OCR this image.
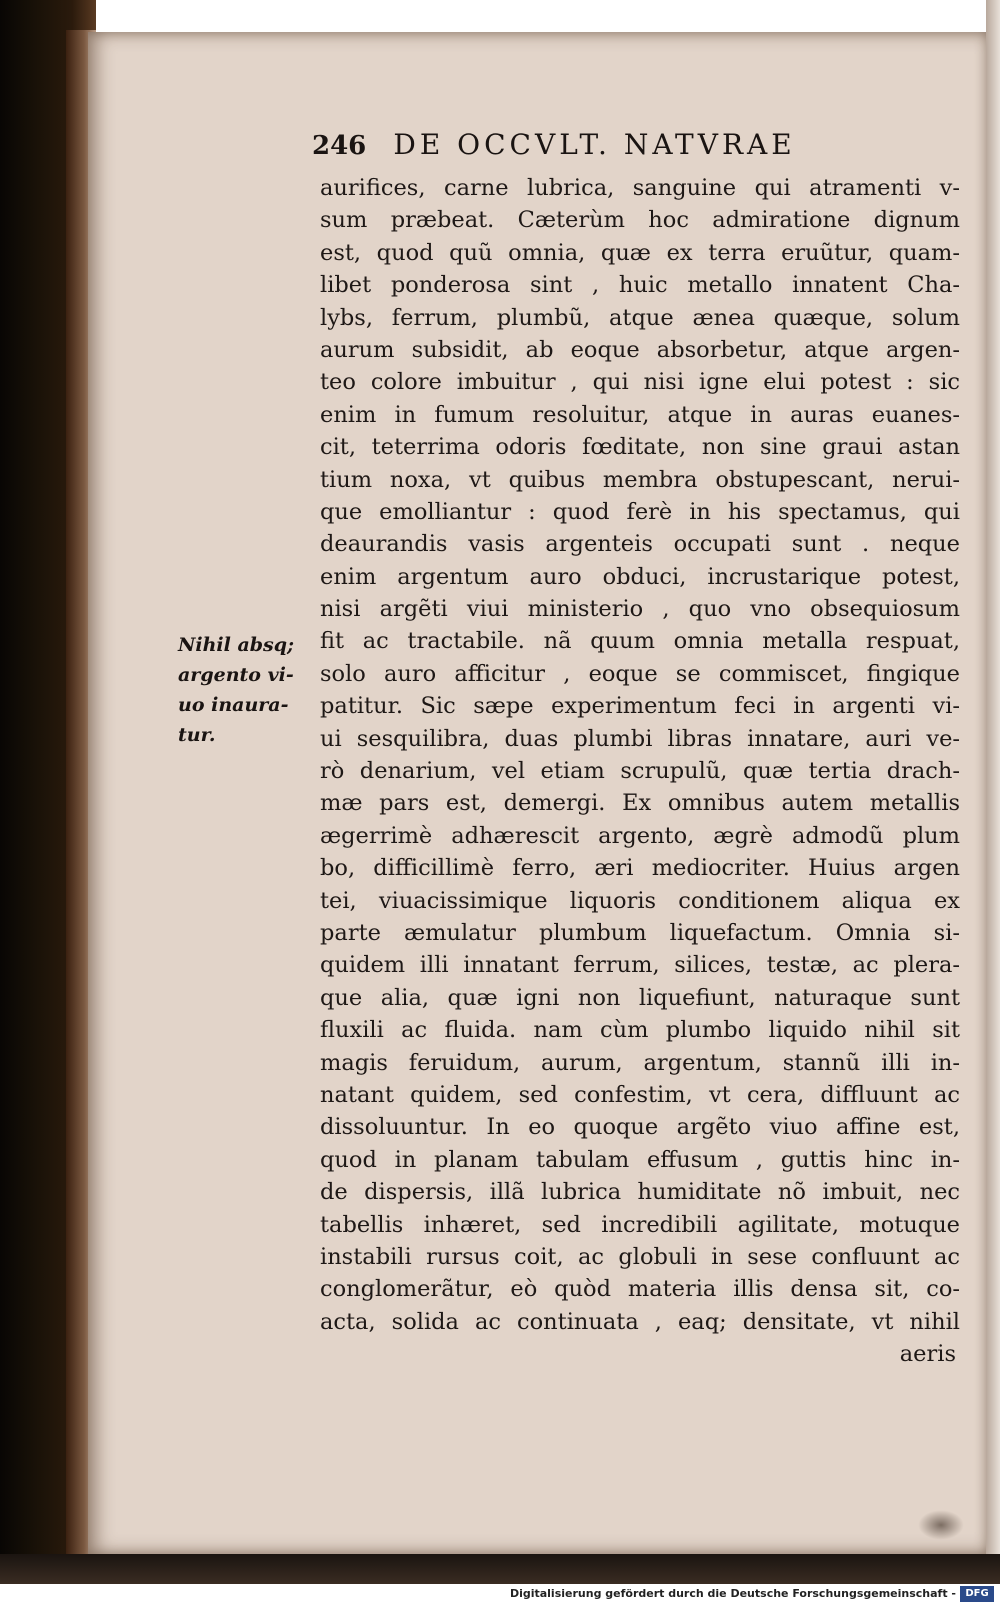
246 DE OCCVLT. NATVRAE
Nihil absq;
argento vi-
uo inaura-
tur.
aurifices, carne lubrica, sanguine qui atramenti v-
sum præbeat. Cæterùm hoc admiratione dignum
est, quod quũ omnia, quæ ex terra eruũtur, quam-
libet ponderosa sint , huic metallo innatent Cha-
lybs, ferrum, plumbũ, atque ænea quæque, solum
aurum subsidit, ab eoque absorbetur, atque argen-
teo colore imbuitur , qui nisi igne elui potest : sic
enim in fumum resoluitur, atque in auras euanes-
cit, teterrima odoris fœditate, non sine graui astan
tium noxa, vt quibus membra obstupescant, nerui-
que emolliantur : quod ferè in his spectamus, qui
deaurandis vasis argenteis occupati sunt . neque
enim argentum auro obduci, incrustarique potest,
nisi argẽti viui ministerio , quo vno obsequiosum
fit ac tractabile. nã quum omnia metalla respuat,
solo auro afficitur , eoque se commiscet, fingique
patitur. Sic sæpe experimentum feci in argenti vi-
ui sesquilibra, duas plumbi libras innatare, auri ve-
rò denarium, vel etiam scrupulũ, quæ tertia drach-
mæ pars est, demergi. Ex omnibus autem metallis
ægerrimè adhærescit argento, ægrè admodũ plum
bo, difficillimè ferro, æri mediocriter. Huius argen
tei, viuacissimique liquoris conditionem aliqua ex
parte æmulatur plumbum liquefactum. Omnia si-
quidem illi innatant ferrum, silices, testæ, ac plera-
que alia, quæ igni non liquefiunt, naturaque sunt
fluxili ac fluida. nam cùm plumbo liquido nihil sit
magis feruidum, aurum, argentum, stannũ illi in-
natant quidem, sed confestim, vt cera, diffluunt ac
dissoluuntur. In eo quoque argẽto viuo affine est,
quod in planam tabulam effusum , guttis hinc in-
de dispersis, illã lubrica humiditate nõ imbuit, nec
tabellis inhæret, sed incredibili agilitate, motuque
instabili rursus coit, ac globuli in sese confluunt ac
conglomerãtur, eò quòd materia illis densa sit, co-
acta, solida ac continuata , eaq; densitate, vt nihil
aeris
Digitalisierung gefördert durch die Deutsche Forschungsgemeinschaft - DFG
